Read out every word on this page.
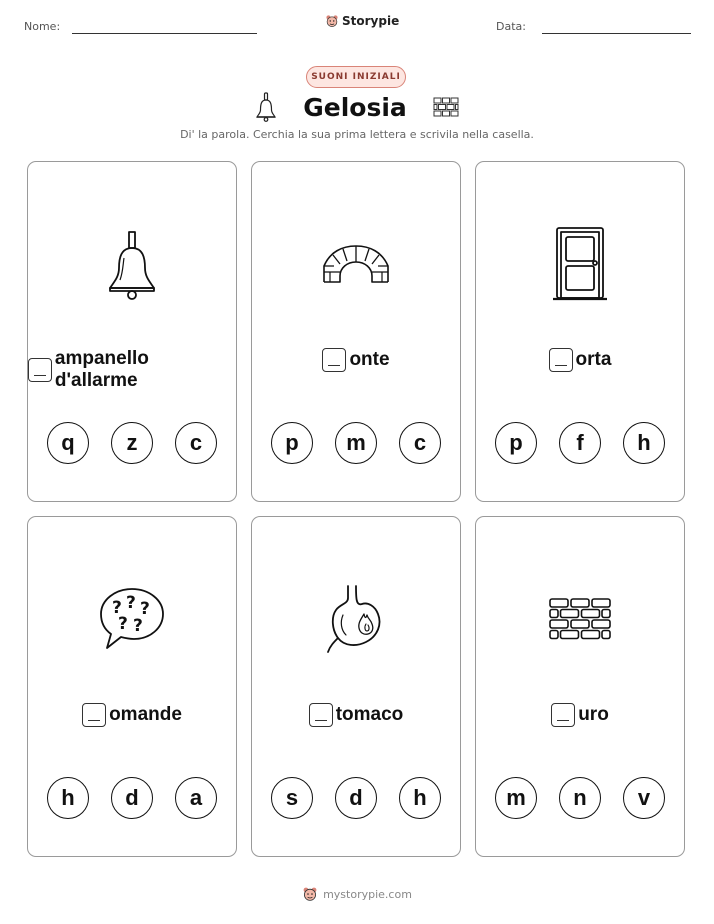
Nome:	Storypie	Data:
SUONI INIZIALI
Gelosia
Di' la parola. Cerchia la sua prima lettera e scrivila nella casella.
ampanello d'allarme
q	z	c
onte
p	m	c
orta
p	f	h
? ? ?
? ?
omande
h	d	a
tomaco
s	d	h
uro
m	n	v
mystorypie.com
